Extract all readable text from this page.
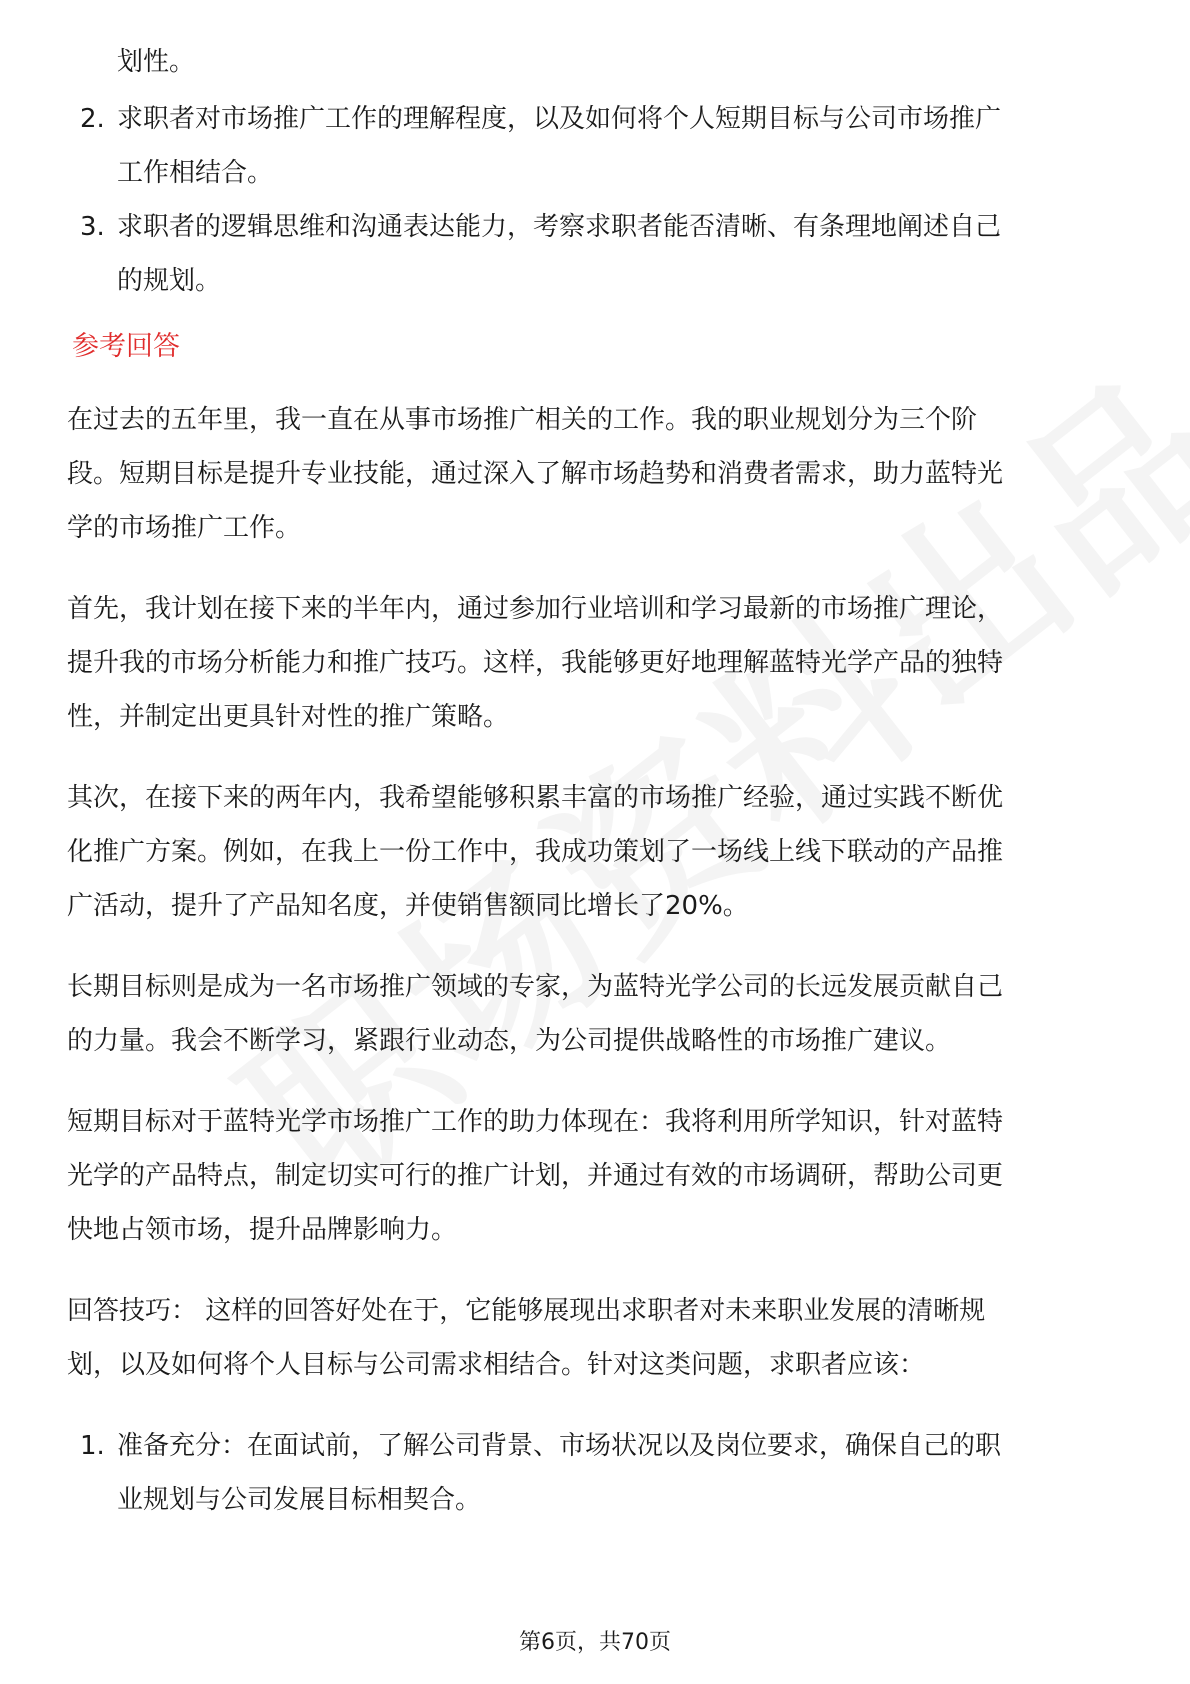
划性。
2. 求职者对市场推广工作的理解程度，以及如何将个人短期目标与公司市场推广
工作相结合。
3. 求职者的逻辑思维和沟通表达能力，考察求职者能否清晰、有条理地阐述自己
的规划。
参考回答
在过去的五年里，我一直在从事市场推广相关的工作。我的职业规划分为三个阶
段。短期目标是提升专业技能，通过深入了解市场趋势和消费者需求，助力蓝特光
学的市场推广工作。
首先，我计划在接下来的半年内，通过参加行业培训和学习最新的市场推广理论，
提升我的市场分析能力和推广技巧。这样，我能够更好地理解蓝特光学产品的独特
性，并制定出更具针对性的推广策略。
其次，在接下来的两年内，我希望能够积累丰富的市场推广经验，通过实践不断优
化推广方案。例如，在我上一份工作中，我成功策划了一场线上线下联动的产品推
广活动，提升了产品知名度，并使销售额同比增长了20%。
长期目标则是成为一名市场推广领域的专家，为蓝特光学公司的长远发展贡献自己
的力量。我会不断学习，紧跟行业动态，为公司提供战略性的市场推广建议。
短期目标对于蓝特光学市场推广工作的助力体现在：我将利用所学知识，针对蓝特
光学的产品特点，制定切实可行的推广计划，并通过有效的市场调研，帮助公司更
快地占领市场，提升品牌影响力。
回答技巧： 这样的回答好处在于，它能够展现出求职者对未来职业发展的清晰规
划，以及如何将个人目标与公司需求相结合。针对这类问题，求职者应该：
1. 准备充分：在面试前，了解公司背景、市场状况以及岗位要求，确保自己的职
业规划与公司发展目标相契合。
第6页，共70页
